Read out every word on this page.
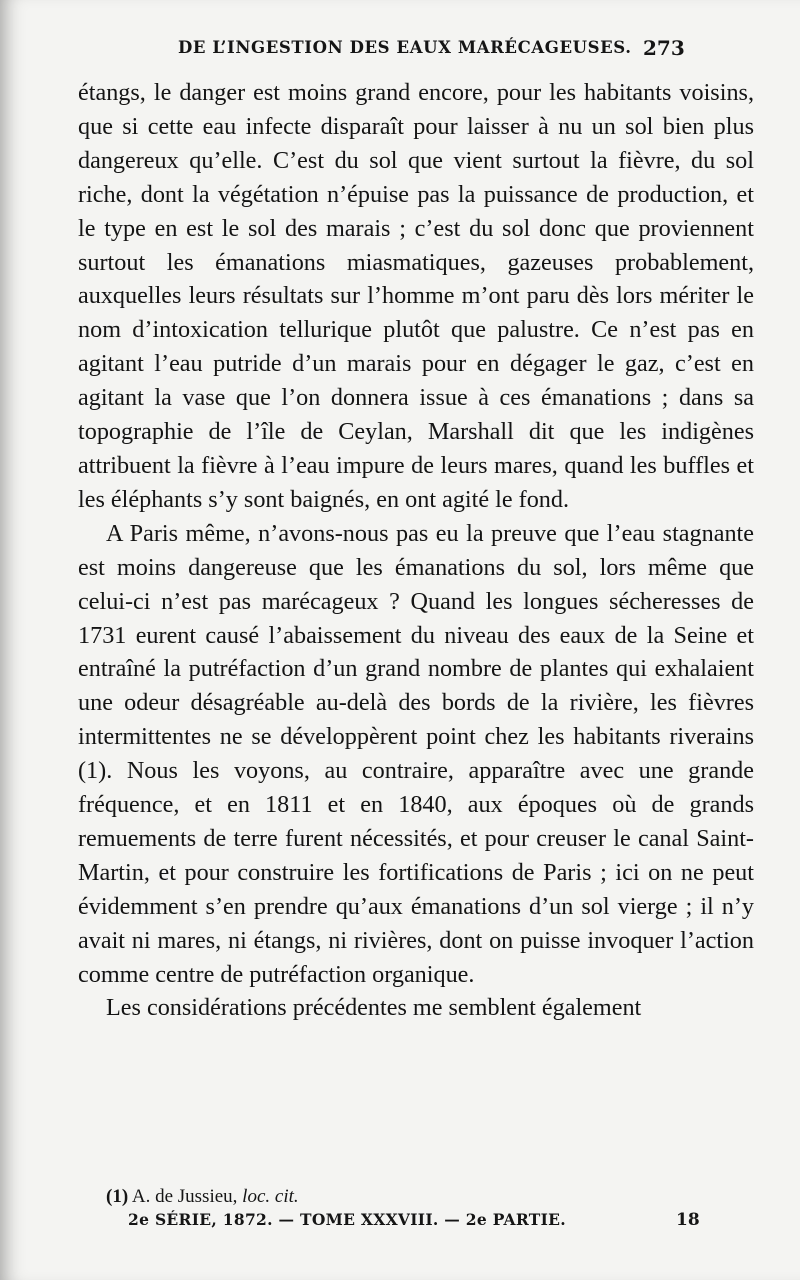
DE L’INGESTION DES EAUX MARÉCAGEUSES. 273

étangs, le danger est moins grand encore, pour les habitants voisins, que si cette eau infecte disparaît pour laisser à nu un sol bien plus dangereux qu’elle. C’est du sol que vient surtout la fièvre, du sol riche, dont la végétation n’épuise pas la puissance de production, et le type en est le sol des marais ; c’est du sol donc que proviennent surtout les émanations miasmatiques, gazeuses probablement, auxquelles leurs résultats sur l’homme m’ont paru dès lors mériter le nom d’intoxication tellurique plutôt que palustre. Ce n’est pas en agitant l’eau putride d’un marais pour en dégager le gaz, c’est en agitant la vase que l’on donnera issue à ces émanations ; dans sa topographie de l’île de Ceylan, Marshall dit que les indigènes attribuent la fièvre à l’eau impure de leurs mares, quand les buffles et les éléphants s’y sont baignés, en ont agité le fond.

A Paris même, n’avons-nous pas eu la preuve que l’eau stagnante est moins dangereuse que les émanations du sol, lors même que celui-ci n’est pas marécageux ? Quand les longues sécheresses de 1731 eurent causé l’abaissement du niveau des eaux de la Seine et entraîné la putréfaction d’un grand nombre de plantes qui exhalaient une odeur désagréable au-delà des bords de la rivière, les fièvres intermittentes ne se développèrent point chez les habitants riverains (1). Nous les voyons, au contraire, apparaître avec une grande fréquence, et en 1811 et en 1840, aux époques où de grands remuements de terre furent nécessités, et pour creuser le canal Saint-Martin, et pour construire les fortifications de Paris ; ici on ne peut évidemment s’en prendre qu’aux émanations d’un sol vierge ; il n’y avait ni mares, ni étangs, ni rivières, dont on puisse invoquer l’action comme centre de putréfaction organique.

Les considérations précédentes me semblent également

(1) A. de Jussieu, loc. cit.
2e SÉRIE, 1872. — TOME XXXVIII. — 2e PARTIE.	18
